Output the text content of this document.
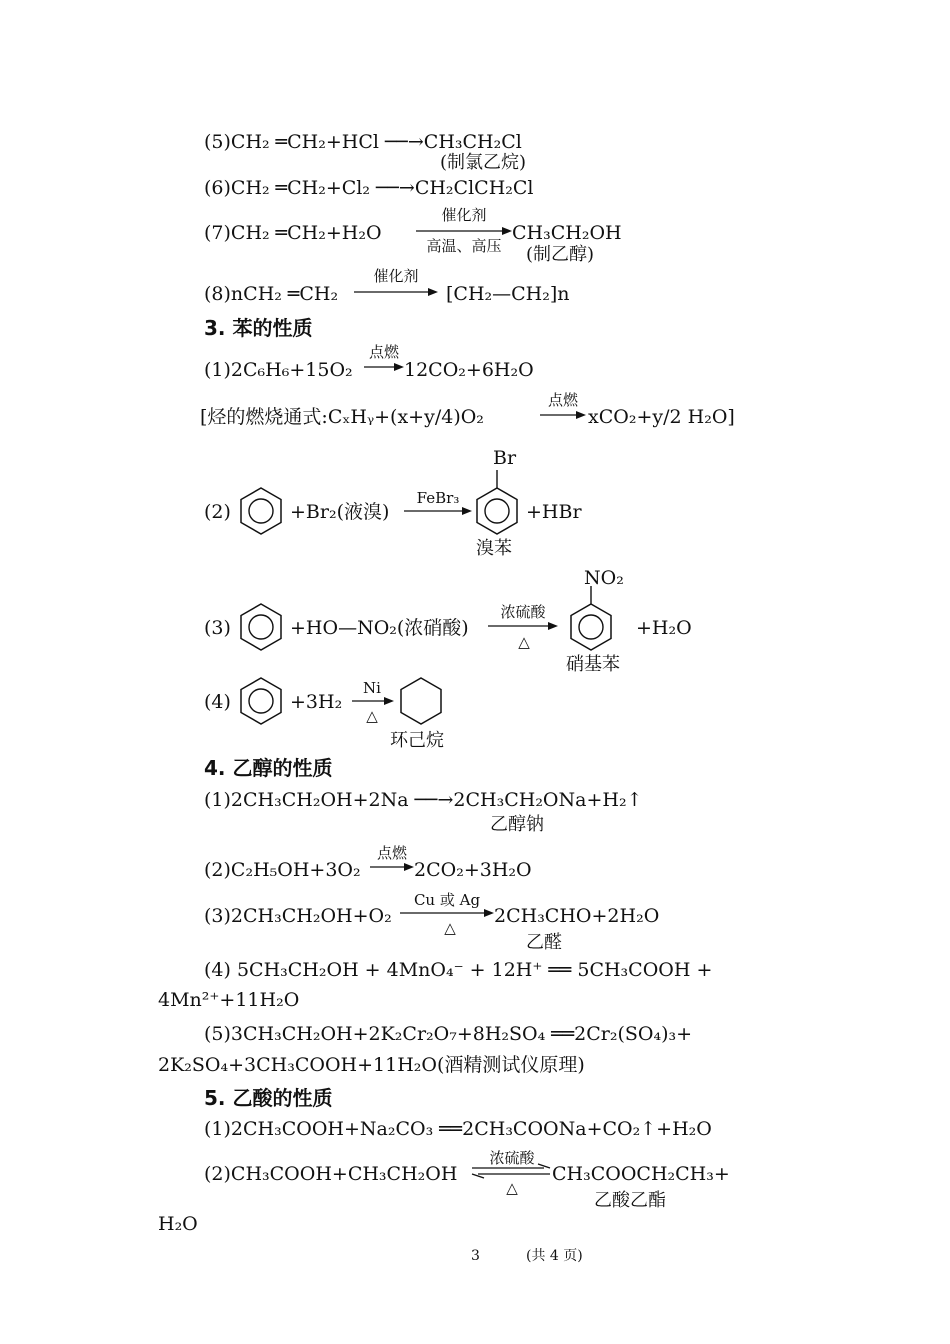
(5)CH₂ ═CH₂+HCl ──→CH₃CH₂Cl
(制氯乙烷)
(6)CH₂ ═CH₂+Cl₂ ──→CH₂ClCH₂Cl
(7)CH₂ ═CH₂+H₂O
催化剂
高温、高压
CH₃CH₂OH
(制乙醇)
(8)nCH₂ ═CH₂
催化剂
[CH₂—CH₂]n
3. 苯的性质
(1)2C₆H₆+15O₂
点燃
12CO₂+6H₂O
[烃的燃烧通式:CₓHᵧ+(x+y/4)O₂
点燃
xCO₂+y/2 H₂O]
(2)	+Br₂(液溴)
FeBr₃
Br
+HBr
溴苯
(3)	+HO—NO₂(浓硝酸)
浓硫酸
△
NO₂
+H₂O
硝基苯
(4)	+3H₂
Ni
△
环己烷
4. 乙醇的性质
(1)2CH₃CH₂OH+2Na ──→2CH₃CH₂ONa+H₂↑
乙醇钠
(2)C₂H₅OH+3O₂
点燃
2CO₂+3H₂O
(3)2CH₃CH₂OH+O₂
Cu 或 Ag
△
2CH₃CHO+2H₂O
乙醛
(4) 5CH₃CH₂OH + 4MnO₄⁻ + 12H⁺ ══ 5CH₃COOH +
4Mn²⁺+11H₂O
(5)3CH₃CH₂OH+2K₂Cr₂O₇+8H₂SO₄ ══2Cr₂(SO₄)₃+
2K₂SO₄+3CH₃COOH+11H₂O(酒精测试仪原理)
5. 乙酸的性质
(1)2CH₃COOH+Na₂CO₃ ══2CH₃COONa+CO₂↑+H₂O
(2)CH₃COOH+CH₃CH₂OH
浓硫酸
△
CH₃COOCH₂CH₃+
乙酸乙酯
H₂O
3	(共 4 页)
